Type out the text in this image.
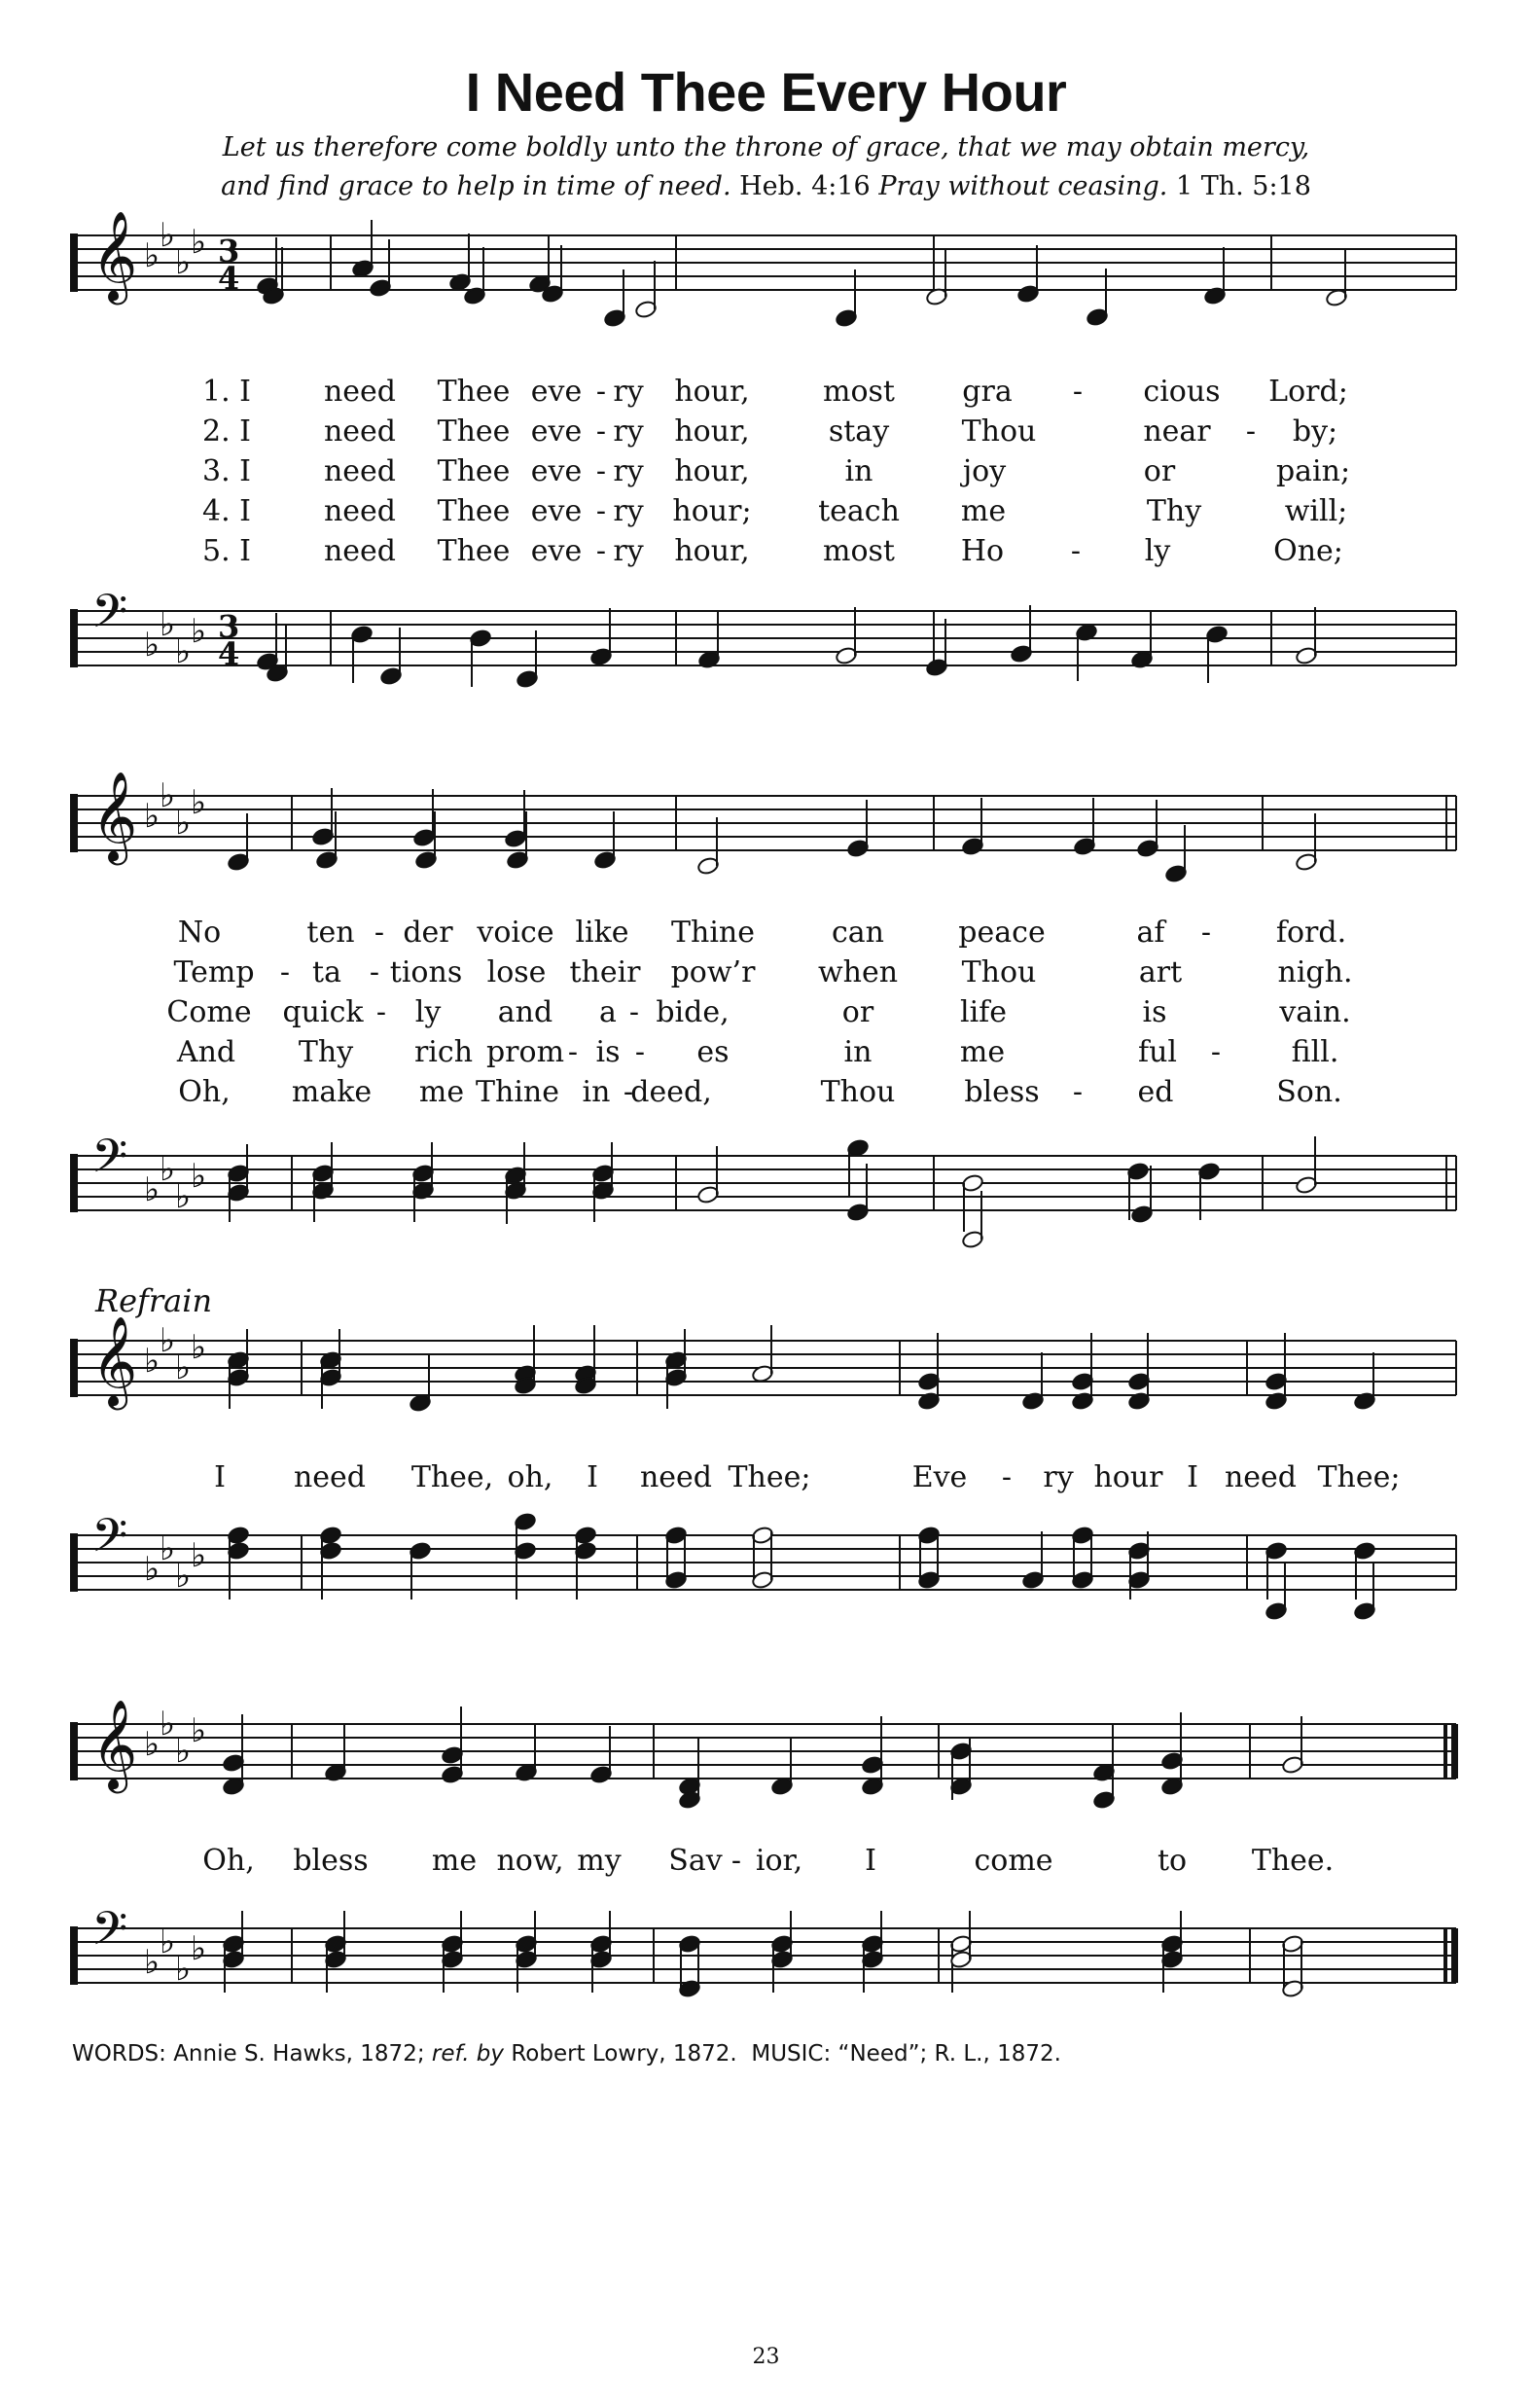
I Need Thee Every Hour
Let us therefore come boldly unto the throne of grace, that we may obtain mercy,
and find grace to help in time of need. Heb. 4:16 Pray without ceasing. 1 Th. 5:18
𝄞 ♭
♭
♭
♭ 3
4
𝄢 ♭
♭
♭
♭ 3
4
1. I need Thee eve - ry hour,	most gra - cious Lord;
2. I need Thee eve - ry hour,	stay Thou	near - by;
3. I need Thee eve - ry hour,	in	joy	or	pain;
4. I need Thee eve - ry hour; teach me	Thy	will;
5. I need Thee eve - ry hour,	most Ho - ly	One;
𝄞 ♭
♭
♭
♭
𝄢 ♭
♭
♭
♭
No	ten - der voice like Thine	can	peace	af - ford.
Temp - ta - tions lose their pow’r when Thou	art	nigh.
Come quick - ly and a - bide,	or	life	is	vain.
And Thy rich prom - is - es	in	me	ful - fill.
Oh, make me Thine in -
deed,	Thou bless - ed	Son.
Refrain
𝄞 ♭
♭
♭
♭
𝄢 ♭
♭
♭
♭
I need Thee, oh, I need Thee;	Eve - ry hour I need Thee;
𝄞 ♭
♭
♭
♭
𝄢 ♭
♭
♭
♭
Oh, bless me now, my Sav - ior, I	come	to Thee.
WORDS: Annie S. Hawks, 1872; ref. by Robert Lowry, 1872. MUSIC: “Need”; R. L., 1872.
23
